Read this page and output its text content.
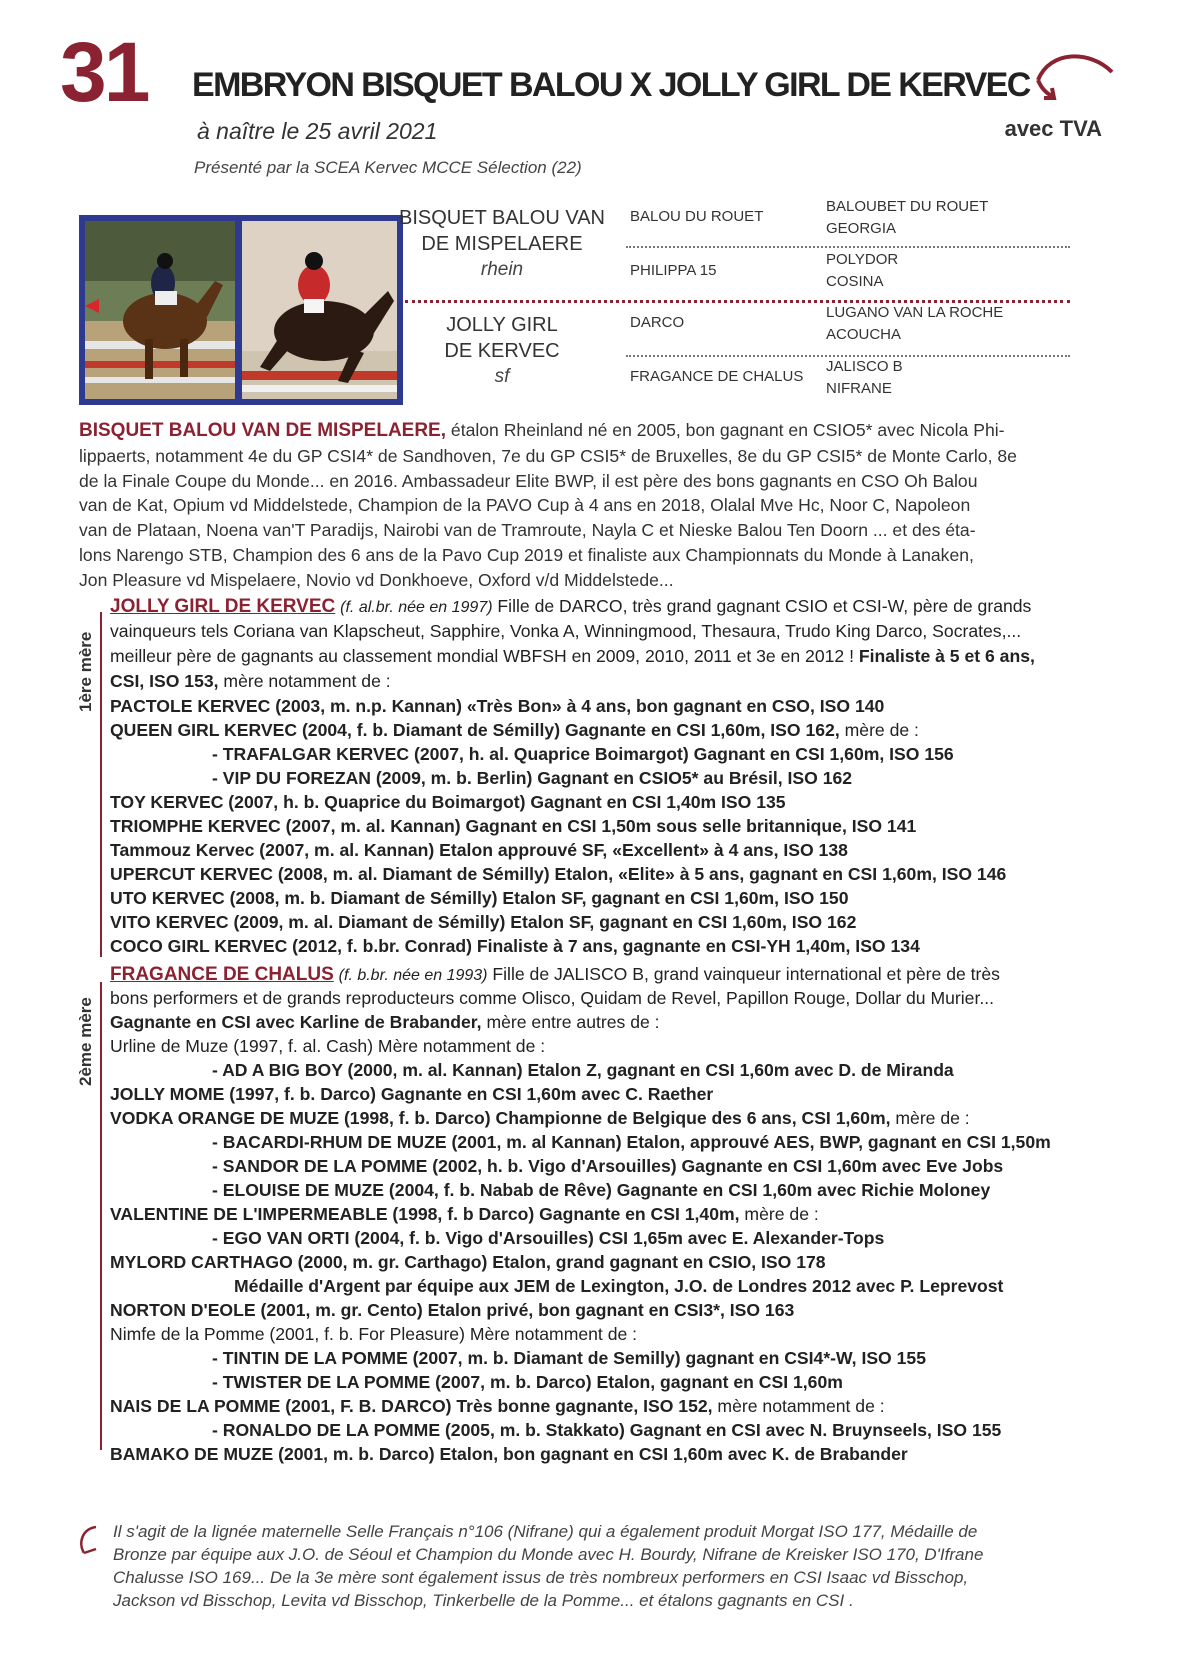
31 EMBRYON BISQUET BALOU X JOLLY GIRL DE KERVEC
avec TVA
à naître le 25 avril 2021
Présenté par la SCEA Kervec MCCE Sélection (22)
BISQUET BALOU VAN
DE MISPELAERE
rhein
JOLLY GIRL
DE KERVEC
sf
BALOU DU ROUET
PHILIPPA 15
DARCO
FRAGANCE DE CHALUS
BALOUBET DU ROUET
GEORGIA
POLYDOR
COSINA
LUGANO VAN LA ROCHE
ACOUCHA
JALISCO B
NIFRANE
BISQUET BALOU VAN DE MISPELAERE, étalon Rheinland né en 2005, bon gagnant en CSIO5* avec Nicola Phi-
lippaerts, notamment 4e du GP CSI4* de Sandhoven, 7e du GP CSI5* de Bruxelles, 8e du GP CSI5* de Monte Carlo, 8e
de la Finale Coupe du Monde... en 2016. Ambassadeur Elite BWP, il est père des bons gagnants en CSO Oh Balou
van de Kat, Opium vd Middelstede, Champion de la PAVO Cup à 4 ans en 2018, Olalal Mve Hc, Noor C, Napoleon
van de Plataan, Noena van'T Paradijs, Nairobi van de Tramroute, Nayla C et Nieske Balou Ten Doorn ... et des éta-
lons Narengo STB, Champion des 6 ans de la Pavo Cup 2019 et finaliste aux Championnats du Monde à Lanaken,
Jon Pleasure vd Mispelaere, Novio vd Donkhoeve, Oxford v/d Middelstede...
1ère mère
JOLLY GIRL DE KERVEC (f. al.br. née en 1997) Fille de DARCO, très grand gagnant CSIO et CSI-W, père de grands
vainqueurs tels Coriana van Klapscheut, Sapphire, Vonka A, Winningmood, Thesaura, Trudo King Darco, Socrates,...
meilleur père de gagnants au classement mondial WBFSH en 2009, 2010, 2011 et 3e en 2012 ! Finaliste à 5 et 6 ans,
CSI, ISO 153, mère notamment de :
PACTOLE KERVEC (2003, m. n.p. Kannan) «Très Bon» à 4 ans, bon gagnant en CSO, ISO 140
QUEEN GIRL KERVEC (2004, f. b. Diamant de Sémilly) Gagnante en CSI 1,60m, ISO 162, mère de :
- TRAFALGAR KERVEC (2007, h. al. Quaprice Boimargot) Gagnant en CSI 1,60m, ISO 156
- VIP DU FOREZAN (2009, m. b. Berlin) Gagnant en CSIO5* au Brésil, ISO 162
TOY KERVEC (2007, h. b. Quaprice du Boimargot) Gagnant en CSI 1,40m ISO 135
TRIOMPHE KERVEC (2007, m. al. Kannan) Gagnant en CSI 1,50m sous selle britannique, ISO 141
Tammouz Kervec (2007, m. al. Kannan) Etalon approuvé SF, «Excellent» à 4 ans, ISO 138
UPERCUT KERVEC (2008, m. al. Diamant de Sémilly) Etalon, «Elite» à 5 ans, gagnant en CSI 1,60m, ISO 146
UTO KERVEC (2008, m. b. Diamant de Sémilly) Etalon SF, gagnant en CSI 1,60m, ISO 150
VITO KERVEC (2009, m. al. Diamant de Sémilly) Etalon SF, gagnant en CSI 1,60m, ISO 162
COCO GIRL KERVEC (2012, f. b.br. Conrad) Finaliste à 7 ans, gagnante en CSI-YH 1,40m, ISO 134
2ème mère
FRAGANCE DE CHALUS (f. b.br. née en 1993) Fille de JALISCO B, grand vainqueur international et père de très
bons performers et de grands reproducteurs comme Olisco, Quidam de Revel, Papillon Rouge, Dollar du Murier...
Gagnante en CSI avec Karline de Brabander, mère entre autres de :
Urline de Muze (1997, f. al. Cash) Mère notamment de :
- AD A BIG BOY (2000, m. al. Kannan) Etalon Z, gagnant en CSI 1,60m avec D. de Miranda
JOLLY MOME (1997, f. b. Darco) Gagnante en CSI 1,60m avec C. Raether
VODKA ORANGE DE MUZE (1998, f. b. Darco) Championne de Belgique des 6 ans, CSI 1,60m, mère de :
- BACARDI-RHUM DE MUZE (2001, m. al Kannan) Etalon, approuvé AES, BWP, gagnant en CSI 1,50m
- SANDOR DE LA POMME (2002, h. b. Vigo d'Arsouilles) Gagnante en CSI 1,60m avec Eve Jobs
- ELOUISE DE MUZE (2004, f. b. Nabab de Rêve) Gagnante en CSI 1,60m avec Richie Moloney
VALENTINE DE L'IMPERMEABLE (1998, f. b Darco) Gagnante en CSI 1,40m, mère de :
- EGO VAN ORTI (2004, f. b. Vigo d'Arsouilles) CSI 1,65m avec E. Alexander-Tops
MYLORD CARTHAGO (2000, m. gr. Carthago) Etalon, grand gagnant en CSIO, ISO 178
Médaille d'Argent par équipe aux JEM de Lexington, J.O. de Londres 2012 avec P. Leprevost
NORTON D'EOLE (2001, m. gr. Cento) Etalon privé, bon gagnant en CSI3*, ISO 163
Nimfe de la Pomme (2001, f. b. For Pleasure) Mère notamment de :
- TINTIN DE LA POMME (2007, m. b. Diamant de Semilly) gagnant en CSI4*-W, ISO 155
- TWISTER DE LA POMME (2007, m. b. Darco) Etalon, gagnant en CSI 1,60m
NAIS DE LA POMME (2001, F. B. DARCO) Très bonne gagnante, ISO 152, mère notamment de :
- RONALDO DE LA POMME (2005, m. b. Stakkato) Gagnant en CSI avec N. Bruynseels, ISO 155
BAMAKO DE MUZE (2001, m. b. Darco) Etalon, bon gagnant en CSI 1,60m avec K. de Brabander
Il s'agit de la lignée maternelle Selle Français n°106 (Nifrane) qui a également produit Morgat ISO 177, Médaille de
Bronze par équipe aux J.O. de Séoul et Champion du Monde avec H. Bourdy, Nifrane de Kreisker ISO 170, D'Ifrane
Chalusse ISO 169... De la 3e mère sont également issus de très nombreux performers en CSI Isaac vd Bisschop,
Jackson vd Bisschop, Levita vd Bisschop, Tinkerbelle de la Pomme... et étalons gagnants en CSI .
